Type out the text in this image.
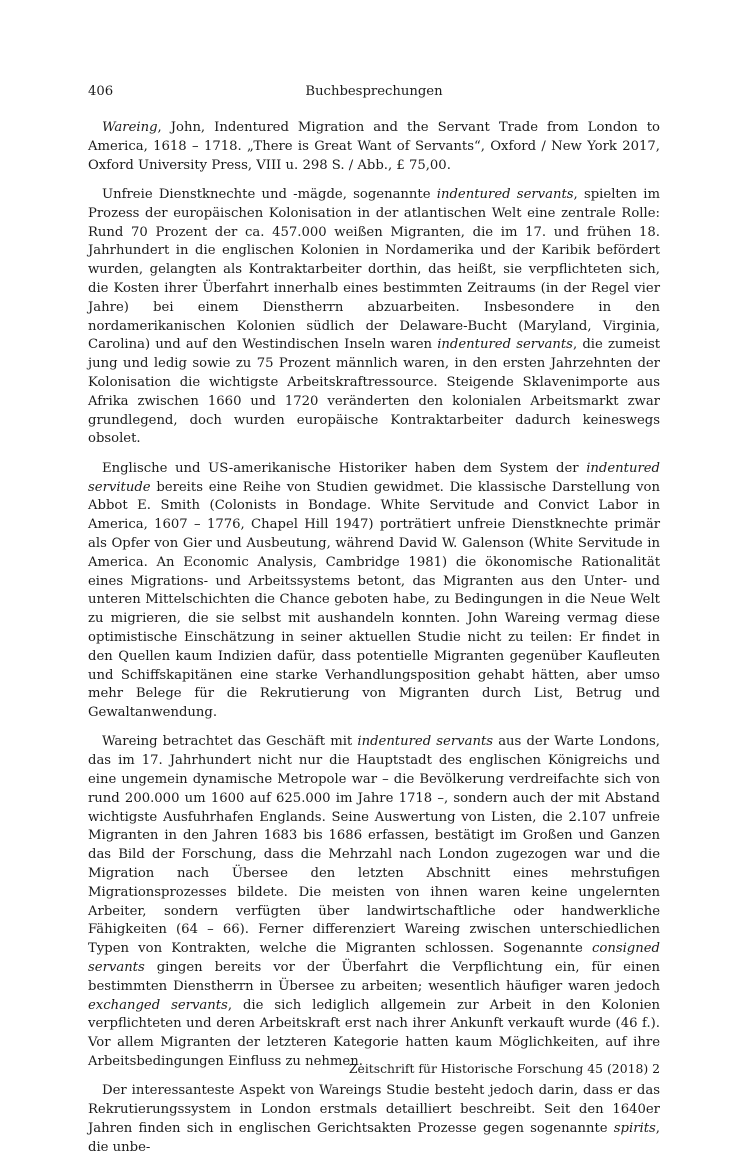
406	Buchbesprechungen

Wareing, John, Indentured Migration and the Servant Trade from London to America, 1618 – 1718. „There is Great Want of Servants“, Oxford / New York 2017, Oxford University Press, VIII u. 298 S. / Abb., £ 75,00.

Unfreie Dienstknechte und -mägde, sogenannte indentured servants, spielten im Prozess der europäischen Kolonisation in der atlantischen Welt eine zentrale Rolle: Rund 70 Prozent der ca. 457.000 weißen Migranten, die im 17. und frühen 18. Jahrhundert in die englischen Kolonien in Nordamerika und der Karibik befördert wurden, gelangten als Kontraktarbeiter dorthin, das heißt, sie verpflichteten sich, die Kosten ihrer Überfahrt innerhalb eines bestimmten Zeitraums (in der Regel vier Jahre) bei einem Dienstherrn abzuarbeiten. Insbesondere in den nordamerikanischen Kolonien südlich der Delaware-Bucht (Maryland, Virginia, Carolina) und auf den Westindischen Inseln waren indentured servants, die zumeist jung und ledig sowie zu 75 Prozent männlich waren, in den ersten Jahrzehnten der Kolonisation die wichtigste Arbeitskraftressource. Steigende Sklavenimporte aus Afrika zwischen 1660 und 1720 veränderten den kolonialen Arbeitsmarkt zwar grundlegend, doch wurden europäische Kontraktarbeiter dadurch keineswegs obsolet.

Englische und US-amerikanische Historiker haben dem System der indentured servitude bereits eine Reihe von Studien gewidmet. Die klassische Darstellung von Abbot E. Smith (Colonists in Bondage. White Servitude and Convict Labor in America, 1607 – 1776, Chapel Hill 1947) porträtiert unfreie Dienstknechte primär als Opfer von Gier und Ausbeutung, während David W. Galenson (White Servitude in America. An Economic Analysis, Cambridge 1981) die ökonomische Rationalität eines Migrations- und Arbeitssystems betont, das Migranten aus den Unter- und unteren Mittelschichten die Chance geboten habe, zu Bedingungen in die Neue Welt zu migrieren, die sie selbst mit aushandeln konnten. John Wareing vermag diese optimistische Einschätzung in seiner aktuellen Studie nicht zu teilen: Er findet in den Quellen kaum Indizien dafür, dass potentielle Migranten gegenüber Kaufleuten und Schiffskapitänen eine starke Verhandlungsposition gehabt hätten, aber umso mehr Belege für die Rekrutierung von Migranten durch List, Betrug und Gewaltanwendung.

Wareing betrachtet das Geschäft mit indentured servants aus der Warte Londons, das im 17. Jahrhundert nicht nur die Hauptstadt des englischen Königreichs und eine ungemein dynamische Metropole war – die Bevölkerung verdreifachte sich von rund 200.000 um 1600 auf 625.000 im Jahre 1718 –, sondern auch der mit Abstand wichtigste Ausfuhrhafen Englands. Seine Auswertung von Listen, die 2.107 unfreie Migranten in den Jahren 1683 bis 1686 erfassen, bestätigt im Großen und Ganzen das Bild der Forschung, dass die Mehrzahl nach London zugezogen war und die Migration nach Übersee den letzten Abschnitt eines mehrstufigen Migrationsprozesses bildete. Die meisten von ihnen waren keine ungelernten Arbeiter, sondern verfügten über landwirtschaftliche oder handwerkliche Fähigkeiten (64 – 66). Ferner differenziert Wareing zwischen unterschiedlichen Typen von Kontrakten, welche die Migranten schlossen. Sogenannte consigned servants gingen bereits vor der Überfahrt die Verpflichtung ein, für einen bestimmten Dienstherrn in Übersee zu arbeiten; wesentlich häufiger waren jedoch exchanged servants, die sich lediglich allgemein zur Arbeit in den Kolonien verpflichteten und deren Arbeitskraft erst nach ihrer Ankunft verkauft wurde (46 f.). Vor allem Migranten der letzteren Kategorie hatten kaum Möglichkeiten, auf ihre Arbeitsbedingungen Einfluss zu nehmen.

Der interessanteste Aspekt von Wareings Studie besteht jedoch darin, dass er das Rekrutierungssystem in London erstmals detailliert beschreibt. Seit den 1640er Jahren finden sich in englischen Gerichtsakten Prozesse gegen sogenannte spirits, die unbe-

Zeitschrift für Historische Forschung 45 (2018) 2
